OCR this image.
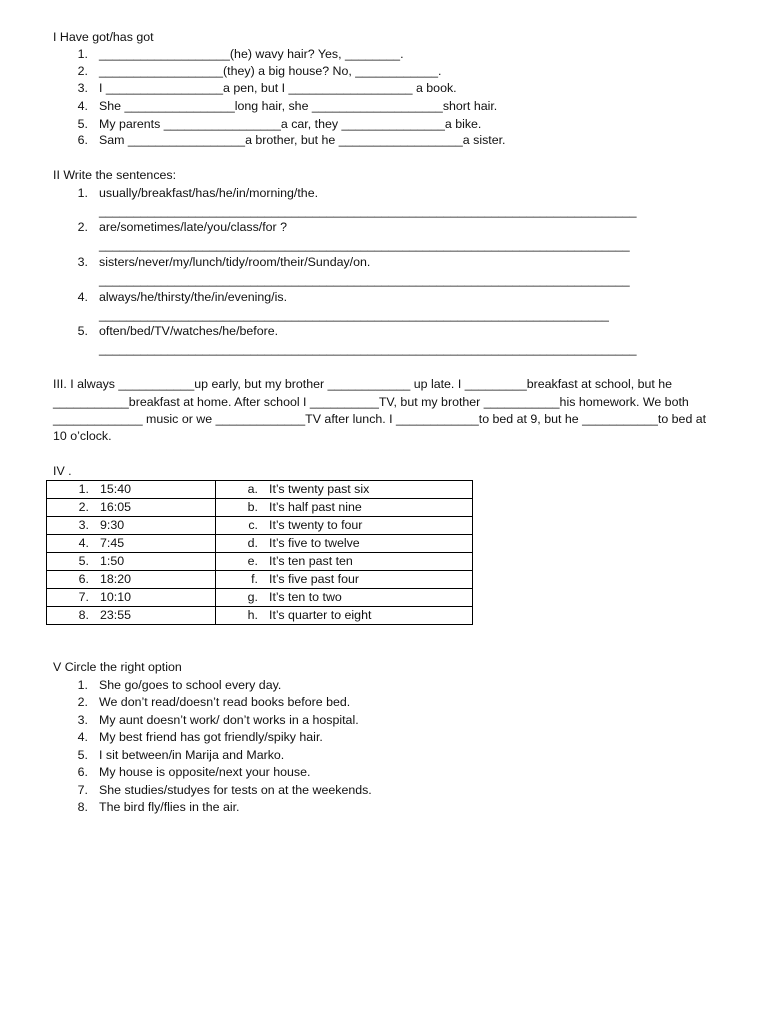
I Have got/has got
1. ___________________(he) wavy hair? Yes, ________.
2. __________________(they) a big house? No, ____________.
3. I _________________a pen, but I __________________ a book.
4. She ________________long hair, she ___________________short hair.
5. My parents _________________a car, they _______________a bike.
6. Sam _________________a brother, but he __________________a sister.
II Write the sentences:
1. usually/breakfast/has/he/in/morning/the.
______________________________________________________________________________
2. are/sometimes/late/you/class/for ?
_____________________________________________________________________________
3. sisters/never/my/lunch/tidy/room/their/Sunday/on.
_____________________________________________________________________________
4. always/he/thirsty/the/in/evening/is.
__________________________________________________________________________
5. often/bed/TV/watches/he/before.
______________________________________________________________________________
III. I always ___________up early, but my brother ____________ up late. I _________breakfast at school, but he
___________breakfast at home. After school I __________TV, but my brother ___________his homework. We both
_____________ music or we _____________TV after lunch. I ____________to bed at 9, but he ___________to bed at
10 o’clock.
IV .
1. 15:40	a. It’s twenty past six
2. 16:05	b. It’s half past nine
3. 9:30	c. It’s twenty to four
4. 7:45	d. It’s five to twelve
5. 1:50	e. It’s ten past ten
6. 18:20	f. It’s five past four
7. 10:10	g. It’s ten to two
8. 23:55	h. It’s quarter to eight
V Circle the right option
1. She go/goes to school every day.
2. We don’t read/doesn’t read books before bed.
3. My aunt doesn’t work/ don’t works in a hospital.
4. My best friend has got friendly/spiky hair.
5. I sit between/in Marija and Marko.
6. My house is opposite/next your house.
7. She studies/studyes for tests on at the weekends.
8. The bird fly/flies in the air.
